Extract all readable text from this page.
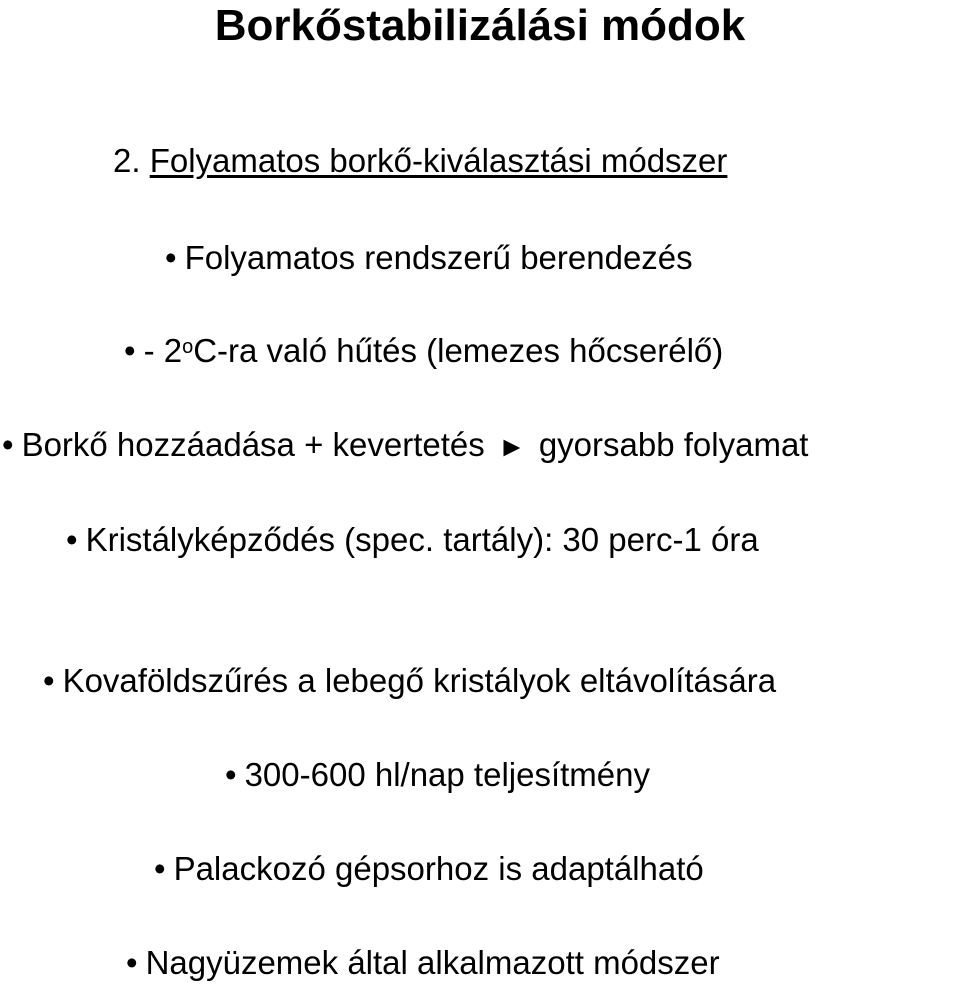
Borkőstabilizálási módok
2. Folyamatos borkő-kiválasztási módszer
• Folyamatos rendszerű berendezés
• - 2$^o$C-ra való hűtés (lemezes hőcserélő)
• Borkő hozzáadása + kevertetés ► gyorsabb folyamat
• Kristályképződés (spec. tartály): 30 perc-1 óra
• Kovaföldszűrés a lebegő kristályok eltávolítására
• 300-600 hl/nap teljesítmény
• Palackozó gépsorhoz is adaptálható
• Nagyüzemek által alkalmazott módszer
